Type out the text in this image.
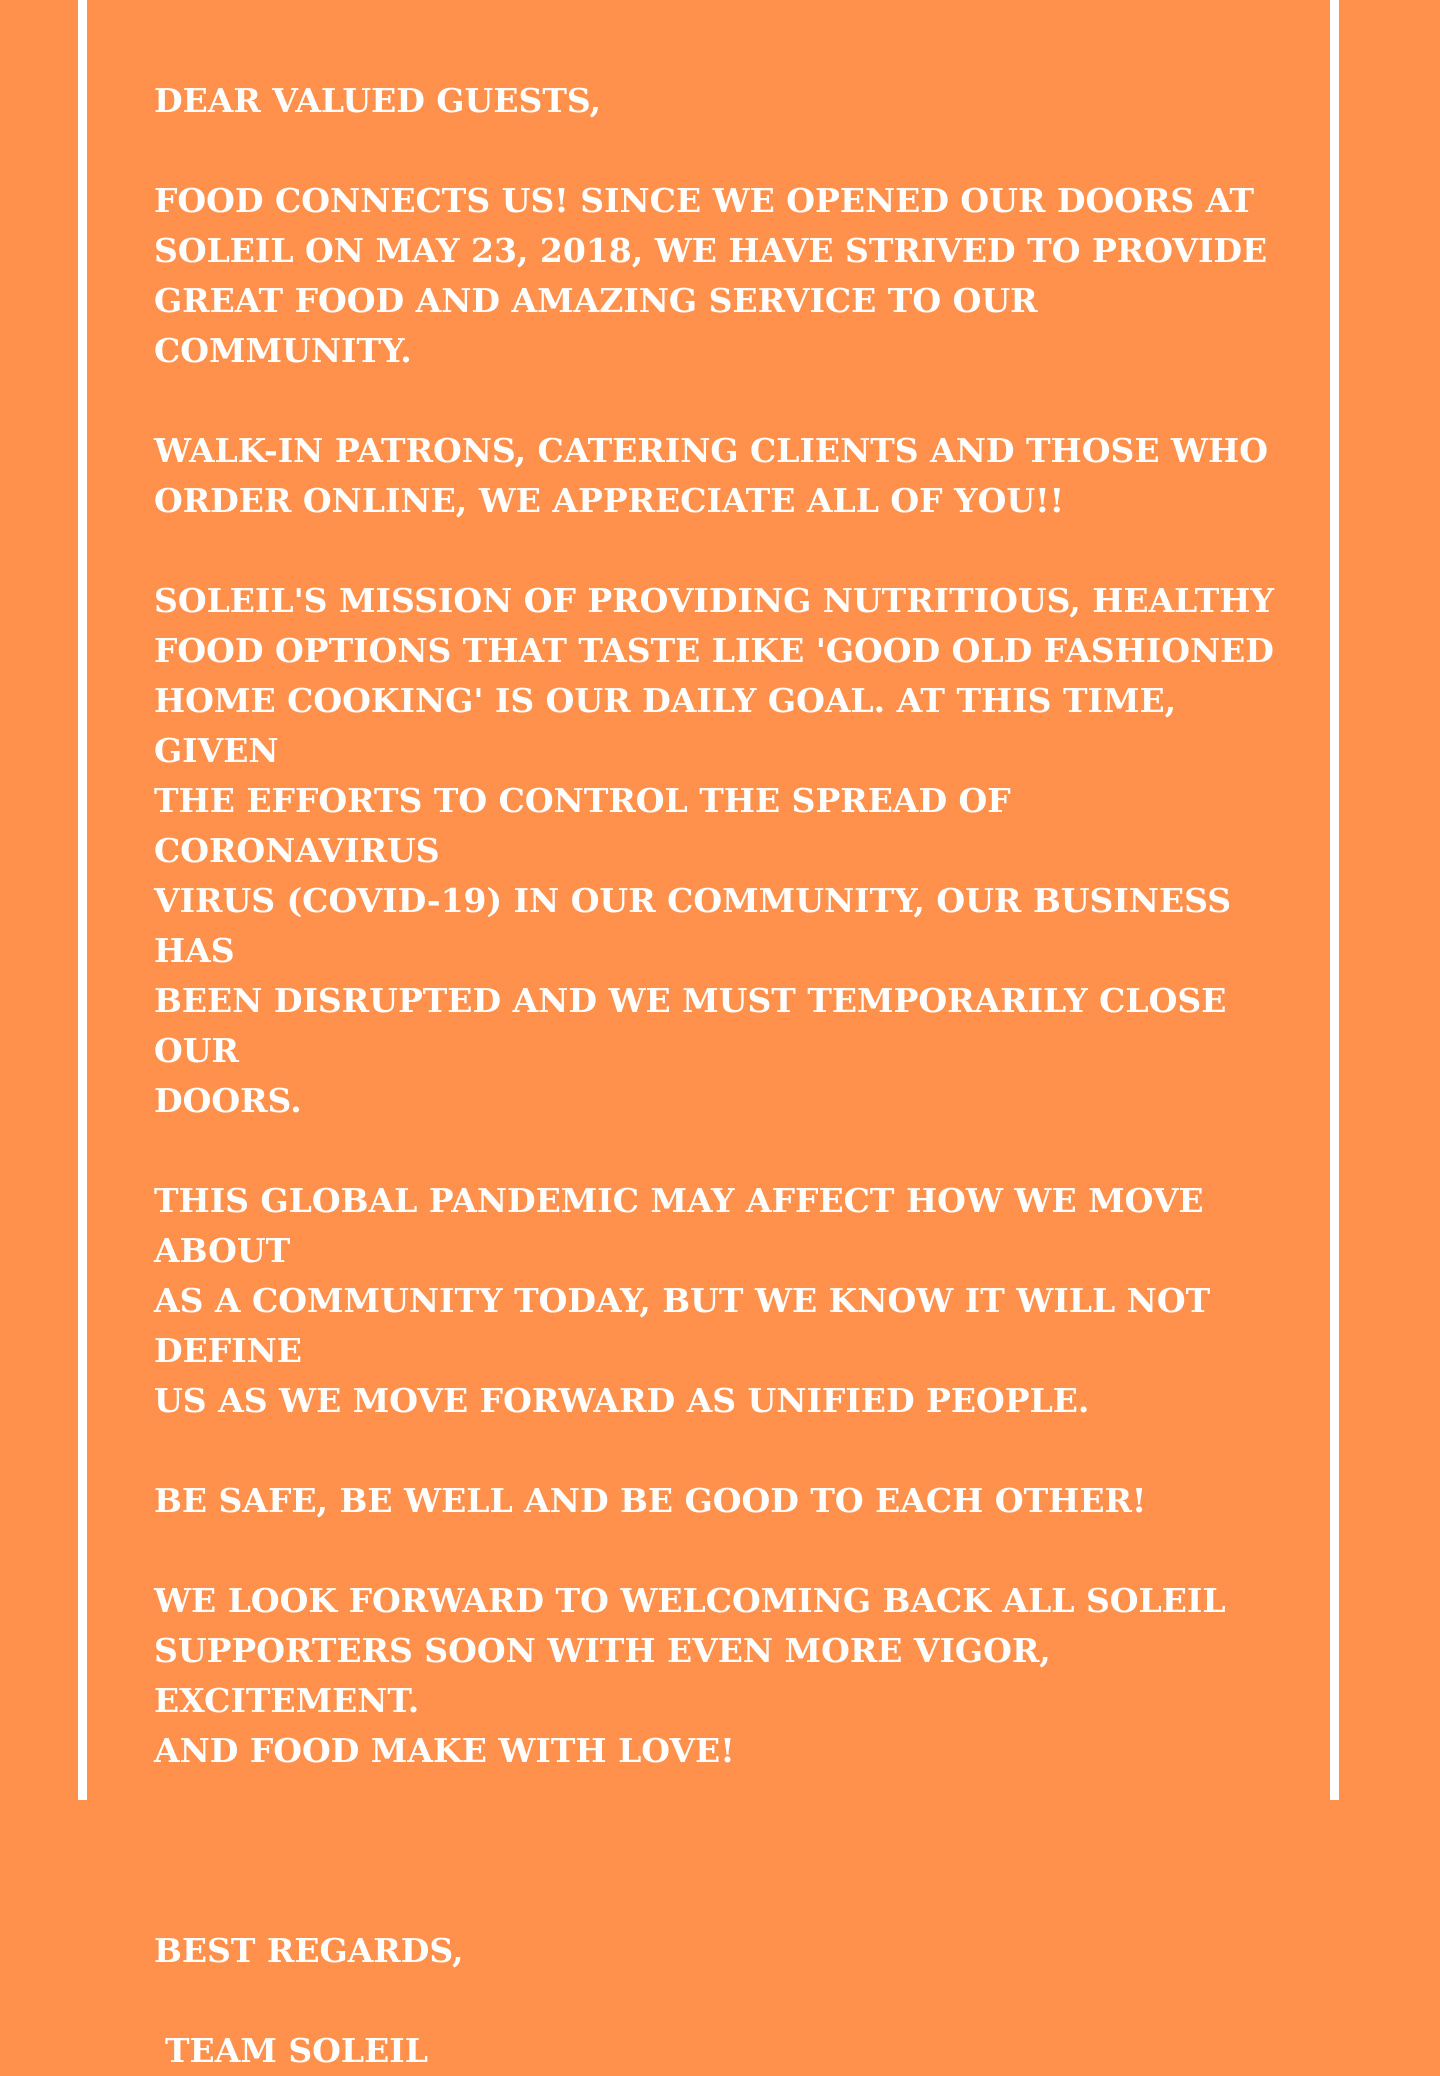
DEAR VALUED GUESTS,

FOOD CONNECTS US! SINCE WE OPENED OUR DOORS AT
SOLEIL ON MAY 23, 2018, WE HAVE STRIVED TO PROVIDE
GREAT FOOD AND AMAZING SERVICE TO OUR COMMUNITY.

WALK-IN PATRONS, CATERING CLIENTS AND THOSE WHO
ORDER ONLINE, WE APPRECIATE ALL OF YOU!!

SOLEIL'S MISSION OF PROVIDING NUTRITIOUS, HEALTHY
FOOD OPTIONS THAT TASTE LIKE 'GOOD OLD FASHIONED
HOME COOKING' IS OUR DAILY GOAL. AT THIS TIME, GIVEN
THE EFFORTS TO CONTROL THE SPREAD OF CORONAVIRUS
VIRUS (COVID-19) IN OUR COMMUNITY, OUR BUSINESS HAS
BEEN DISRUPTED AND WE MUST TEMPORARILY CLOSE OUR
DOORS.

THIS GLOBAL PANDEMIC MAY AFFECT HOW WE MOVE ABOUT
AS A COMMUNITY TODAY, BUT WE KNOW IT WILL NOT DEFINE
US AS WE MOVE FORWARD AS UNIFIED PEOPLE.

BE SAFE, BE WELL AND BE GOOD TO EACH OTHER!

WE LOOK FORWARD TO WELCOMING BACK ALL SOLEIL
SUPPORTERS SOON WITH EVEN MORE VIGOR, EXCITEMENT.
AND FOOD MAKE WITH LOVE!

BEST REGARDS,

TEAM SOLEIL
